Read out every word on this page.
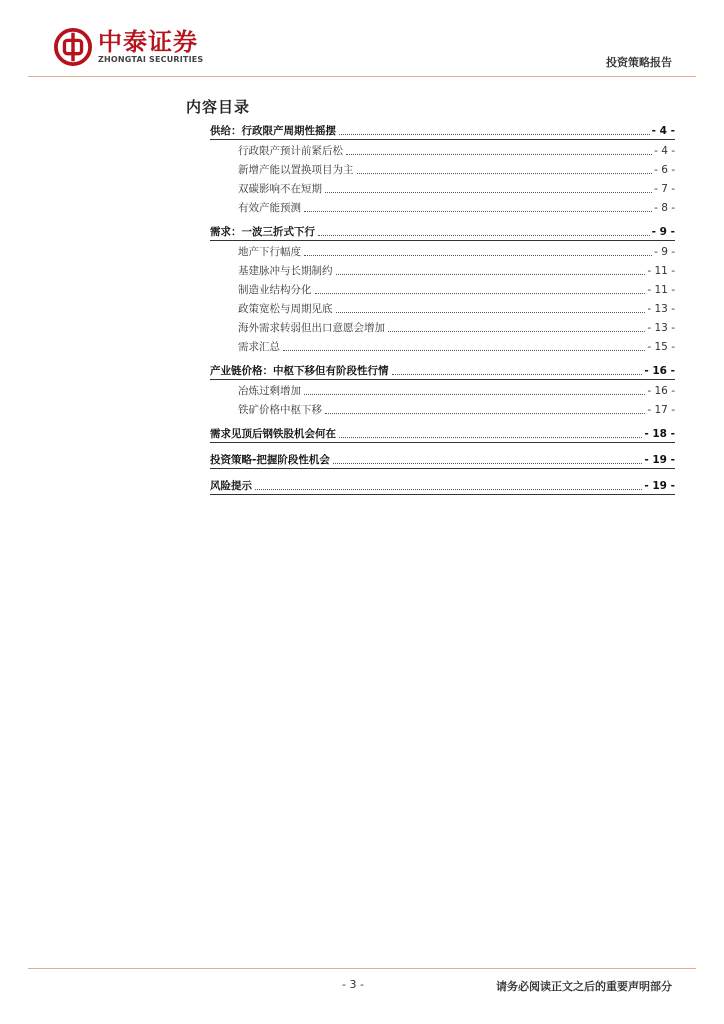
中泰证券
ZHONGTAI SECURITIES	投资策略报告
内容目录
供给：行政限产周期性摇摆	- 4 -
行政限产预计前紧后松	- 4 -
新增产能以置换项目为主	- 6 -
双碳影响不在短期	- 7 -
有效产能预测	- 8 -
需求：一波三折式下行	- 9 -
地产下行幅度	- 9 -
基建脉冲与长期制约	- 11 -
制造业结构分化	- 11 -
政策宽松与周期见底	- 13 -
海外需求转弱但出口意愿会增加	- 13 -
需求汇总	- 15 -
产业链价格：中枢下移但有阶段性行情	- 16 -
冶炼过剩增加	- 16 -
铁矿价格中枢下移	- 17 -
需求见顶后钢铁股机会何在	- 18 -
投资策略-把握阶段性机会	- 19 -
风险提示	- 19 -
- 3 -	请务必阅读正文之后的重要声明部分
